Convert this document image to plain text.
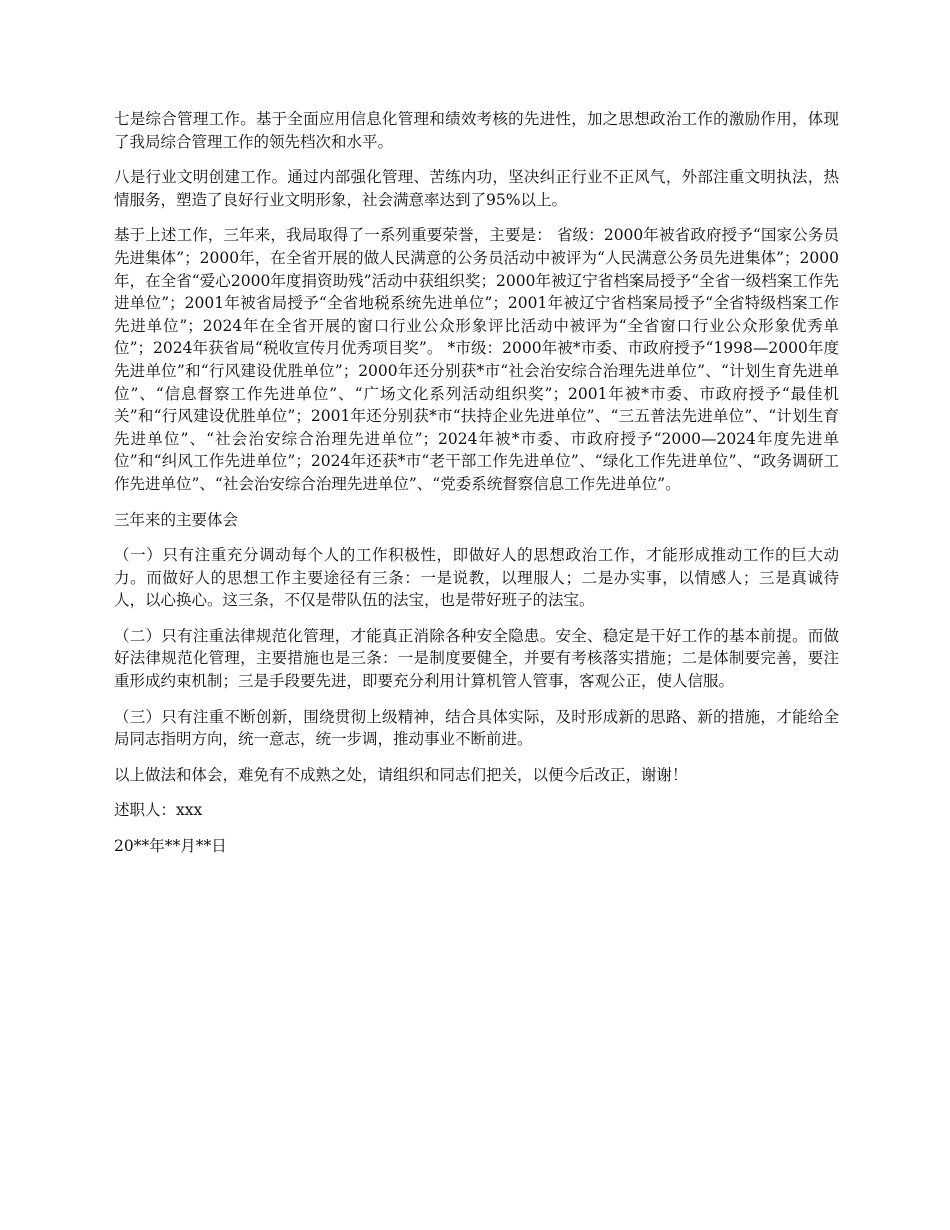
七是综合管理工作。基于全面应用信息化管理和绩效考核的先进性，加之思想政治工作的激励作用，体现了我局综合管理工作的领先档次和水平。

八是行业文明创建工作。通过内部强化管理、苦练内功，坚决纠正行业不正风气，外部注重文明执法，热情服务，塑造了良好行业文明形象，社会满意率达到了95%以上。

基于上述工作，三年来，我局取得了一系列重要荣誉，主要是： 省级：2000年被省政府授予“国家公务员先进集体”；2000年，在全省开展的做人民满意的公务员活动中被评为“人民满意公务员先进集体”；2000年，在全省“爱心2000年度捐资助残”活动中获组织奖；2000年被辽宁省档案局授予“全省一级档案工作先进单位”；2001年被省局授予“全省地税系统先进单位”；2001年被辽宁省档案局授予“全省特级档案工作先进单位”；2024年在全省开展的窗口行业公众形象评比活动中被评为“全省窗口行业公众形象优秀单位”；2024年获省局“税收宣传月优秀项目奖”。 *市级：2000年被*市委、市政府授予“1998—2000年度先进单位”和“行风建设优胜单位”；2000年还分别获*市“社会治安综合治理先进单位”、“计划生育先进单位”、“信息督察工作先进单位”、“广场文化系列活动组织奖”；2001年被*市委、市政府授予“最佳机关”和“行风建设优胜单位”；2001年还分别获*市“扶持企业先进单位”、“三五普法先进单位”、“计划生育先进单位”、“社会治安综合治理先进单位”；2024年被*市委、市政府授予“2000—2024年度先进单位”和“纠风工作先进单位”；2024年还获*市“老干部工作先进单位”、“绿化工作先进单位”、“政务调研工作先进单位”、“社会治安综合治理先进单位”、“党委系统督察信息工作先进单位”。

三年来的主要体会

（一）只有注重充分调动每个人的工作积极性，即做好人的思想政治工作，才能形成推动工作的巨大动力。而做好人的思想工作主要途径有三条：一是说教，以理服人；二是办实事，以情感人；三是真诚待人，以心换心。这三条，不仅是带队伍的法宝，也是带好班子的法宝。

（二）只有注重法律规范化管理，才能真正消除各种安全隐患。安全、稳定是干好工作的基本前提。而做好法律规范化管理，主要措施也是三条：一是制度要健全，并要有考核落实措施；二是体制要完善，要注重形成约束机制；三是手段要先进，即要充分利用计算机管人管事，客观公正，使人信服。

（三）只有注重不断创新，围绕贯彻上级精神，结合具体实际，及时形成新的思路、新的措施，才能给全局同志指明方向，统一意志，统一步调，推动事业不断前进。

以上做法和体会，难免有不成熟之处，请组织和同志们把关，以便今后改正，谢谢！

述职人：xxx

20**年**月**日
